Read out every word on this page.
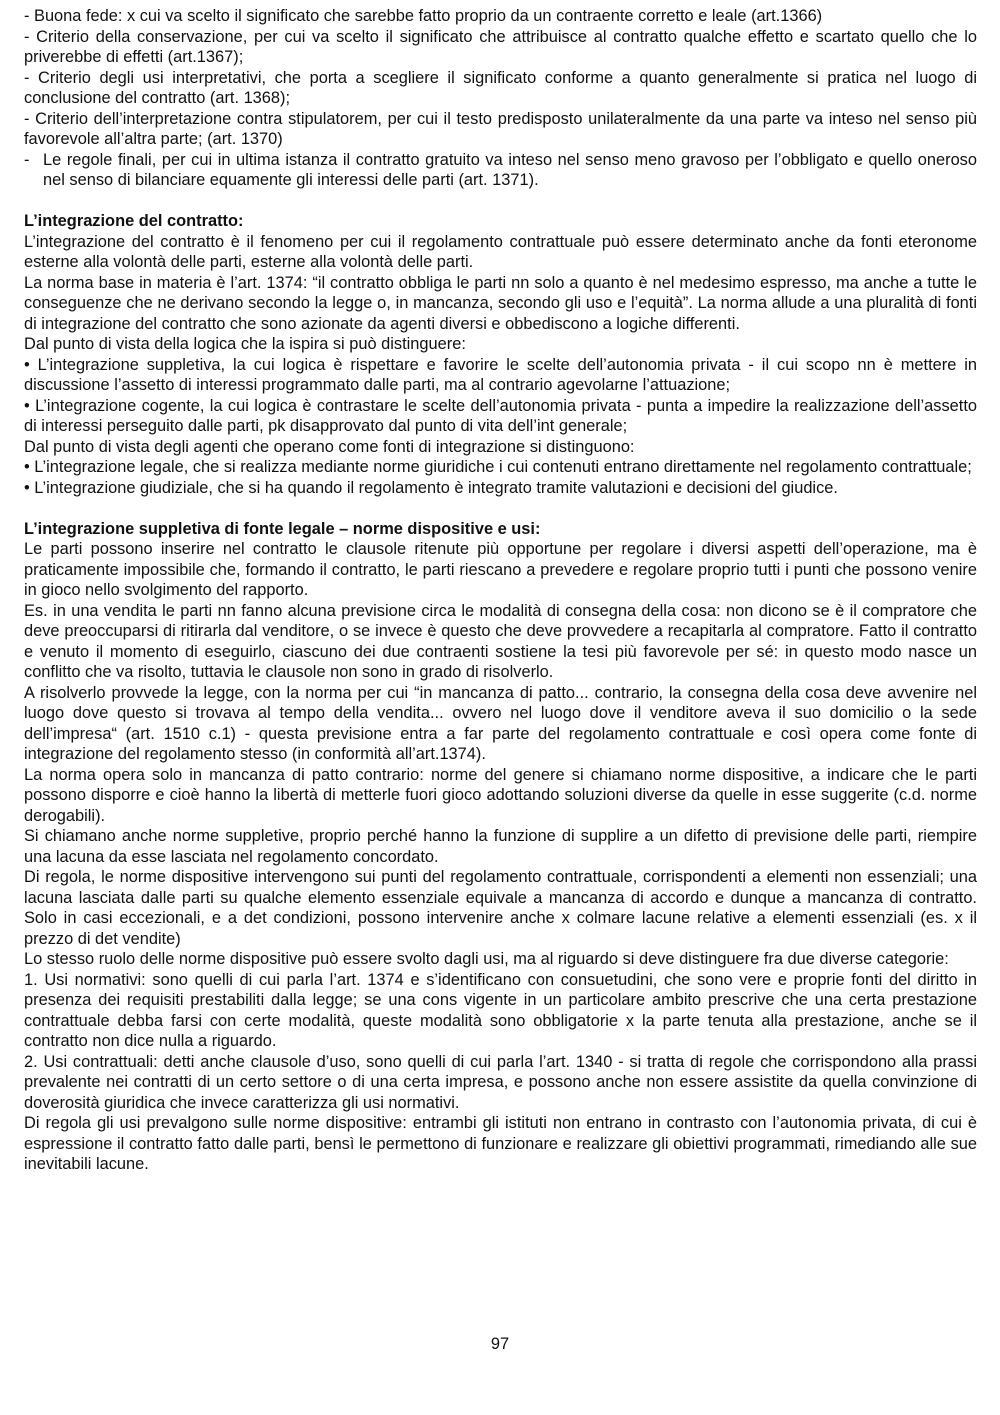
- Buona fede: x cui va scelto il significato che sarebbe fatto proprio da un contraente corretto e leale (art.1366)

- Criterio della conservazione, per cui va scelto il significato che attribuisce al contratto qualche effetto e scartato quello che lo priverebbe di effetti (art.1367);

- Criterio degli usi interpretativi, che porta a scegliere il significato conforme a quanto generalmente si pratica nel luogo di conclusione del contratto (art. 1368);

- Criterio dell’interpretazione contra stipulatorem, per cui il testo predisposto unilateralmente da una parte va inteso nel senso più favorevole all’altra parte; (art. 1370)

- Le regole finali, per cui in ultima istanza il contratto gratuito va inteso nel senso meno gravoso per l’obbligato e quello oneroso nel senso di bilanciare equamente gli interessi delle parti (art. 1371).

L’integrazione del contratto:

L’integrazione del contratto è il fenomeno per cui il regolamento contrattuale può essere determinato anche da fonti eteronome esterne alla volontà delle parti, esterne alla volontà delle parti.

La norma base in materia è l’art. 1374: “il contratto obbliga le parti nn solo a quanto è nel medesimo espresso, ma anche a tutte le conseguenze che ne derivano secondo la legge o, in mancanza, secondo gli uso e l’equità”. La norma allude a una pluralità di fonti di integrazione del contratto che sono azionate da agenti diversi e obbediscono a logiche differenti.

Dal punto di vista della logica che la ispira si può distinguere:

• L’integrazione suppletiva, la cui logica è rispettare e favorire le scelte dell’autonomia privata - il cui scopo nn è mettere in discussione l’assetto di interessi programmato dalle parti, ma al contrario agevolarne l’attuazione;

• L’integrazione cogente, la cui logica è contrastare le scelte dell’autonomia privata - punta a impedire la realizzazione dell’assetto di interessi perseguito dalle parti, pk disapprovato dal punto di vita dell’int generale;

Dal punto di vista degli agenti che operano come fonti di integrazione si distinguono:

• L’integrazione legale, che si realizza mediante norme giuridiche i cui contenuti entrano direttamente nel regolamento contrattuale;

• L’integrazione giudiziale, che si ha quando il regolamento è integrato tramite valutazioni e decisioni del giudice.

L’integrazione suppletiva di fonte legale – norme dispositive e usi:

Le parti possono inserire nel contratto le clausole ritenute più opportune per regolare i diversi aspetti dell’operazione, ma è praticamente impossibile che, formando il contratto, le parti riescano a prevedere e regolare proprio tutti i punti che possono venire in gioco nello svolgimento del rapporto.

Es. in una vendita le parti nn fanno alcuna previsione circa le modalità di consegna della cosa: non dicono se è il compratore che deve preoccuparsi di ritirarla dal venditore, o se invece è questo che deve provvedere a recapitarla al compratore. Fatto il contratto e venuto il momento di eseguirlo, ciascuno dei due contraenti sostiene la tesi più favorevole per sé: in questo modo nasce un conflitto che va risolto, tuttavia le clausole non sono in grado di risolverlo.

A risolverlo provvede la legge, con la norma per cui “in mancanza di patto... contrario, la consegna della cosa deve avvenire nel luogo dove questo si trovava al tempo della vendita... ovvero nel luogo dove il venditore aveva il suo domicilio o la sede dell’impresa“ (art. 1510 c.1) - questa previsione entra a far parte del regolamento contrattuale e così opera come fonte di integrazione del regolamento stesso (in conformità all’art.1374).

La norma opera solo in mancanza di patto contrario: norme del genere si chiamano norme dispositive, a indicare che le parti possono disporre e cioè hanno la libertà di metterle fuori gioco adottando soluzioni diverse da quelle in esse suggerite (c.d. norme derogabili).

Si chiamano anche norme suppletive, proprio perché hanno la funzione di supplire a un difetto di previsione delle parti, riempire una lacuna da esse lasciata nel regolamento concordato.

Di regola, le norme dispositive intervengono sui punti del regolamento contrattuale, corrispondenti a elementi non essenziali; una lacuna lasciata dalle parti su qualche elemento essenziale equivale a mancanza di accordo e dunque a mancanza di contratto. Solo in casi eccezionali, e a det condizioni, possono intervenire anche x colmare lacune relative a elementi essenziali (es. x il prezzo di det vendite)

Lo stesso ruolo delle norme dispositive può essere svolto dagli usi, ma al riguardo si deve distinguere fra due diverse categorie:

1. Usi normativi: sono quelli di cui parla l’art. 1374 e s’identificano con consuetudini, che sono vere e proprie fonti del diritto in presenza dei requisiti prestabiliti dalla legge; se una cons vigente in un particolare ambito prescrive che una certa prestazione contrattuale debba farsi con certe modalità, queste modalità sono obbligatorie x la parte tenuta alla prestazione, anche se il contratto non dice nulla a riguardo.

2. Usi contrattuali: detti anche clausole d’uso, sono quelli di cui parla l’art. 1340 - si tratta di regole che corrispondono alla prassi prevalente nei contratti di un certo settore o di una certa impresa, e possono anche non essere assistite da quella convinzione di doverosità giuridica che invece caratterizza gli usi normativi.

Di regola gli usi prevalgono sulle norme dispositive: entrambi gli istituti non entrano in contrasto con l’autonomia privata, di cui è espressione il contratto fatto dalle parti, bensì le permettono di funzionare e realizzare gli obiettivi programmati, rimediando alle sue inevitabili lacune.

97
